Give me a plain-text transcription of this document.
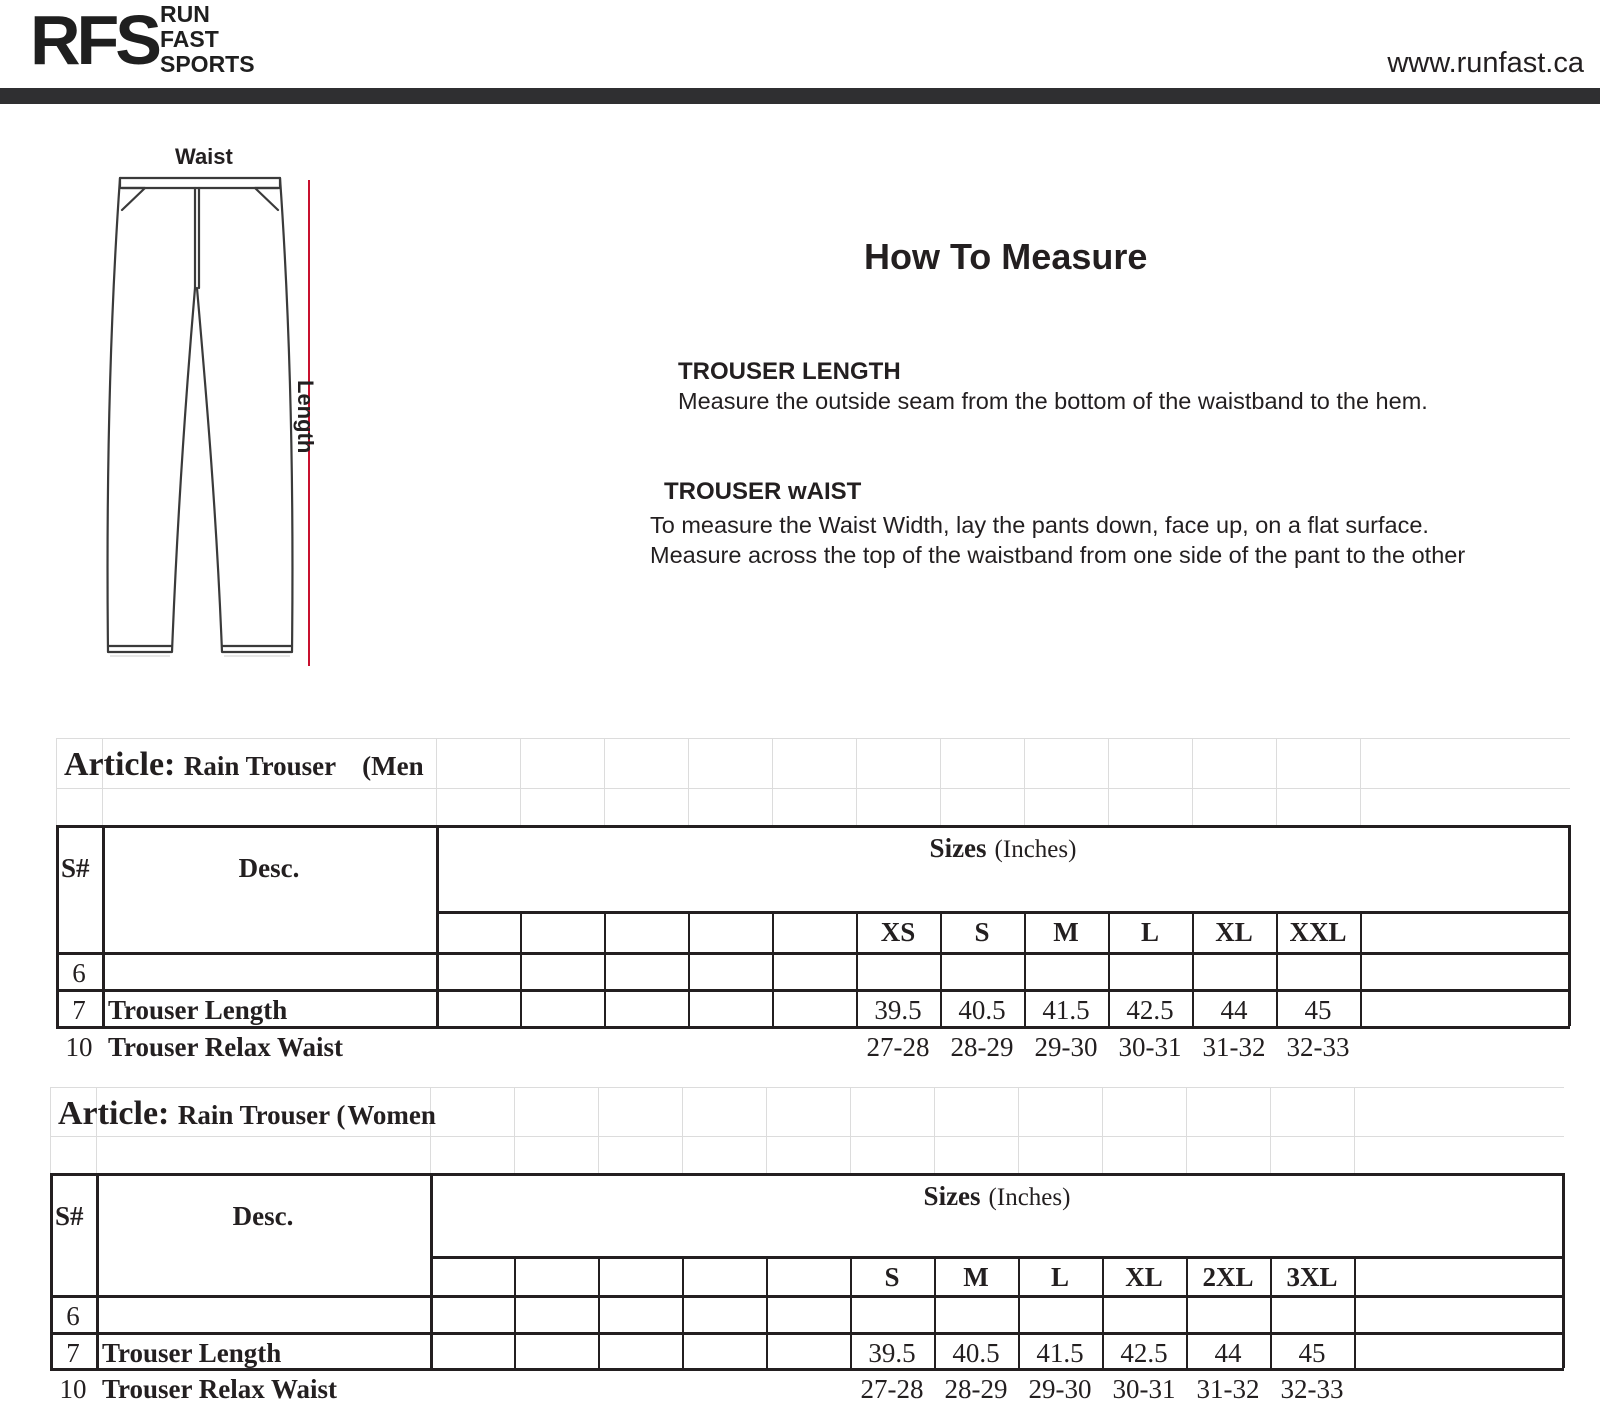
RFS RUN
FAST
SPORTS	www.runfast.ca
Waist
Length
How To Measure
TROUSER LENGTH
Measure the outside seam from the bottom of the waistband to the hem.
TROUSER wAIST
To measure the Waist Width, lay the pants down, face up, on a flat surface.
Measure across the top of the waistband from one side of the pant to the other
Article: Rain Trouser (Men
S#	Desc.
Sizes (Inches)
XS	S	M	L	XL	XXL
6
7 Trouser Length	39.5	40.5	41.5	42.5	44	45
10 Trouser Relax Waist	27-28 28-29 29-30 30-31 31-32 32-33
Article: Rain Trouser (Women
S#	Desc.
Sizes (Inches)
S	M	L	XL	2XL	3XL
6
7 Trouser Length	39.5	40.5	41.5	42.5	44	45
10 Trouser Relax Waist	27-28 28-29 29-30 30-31 31-32 32-33
